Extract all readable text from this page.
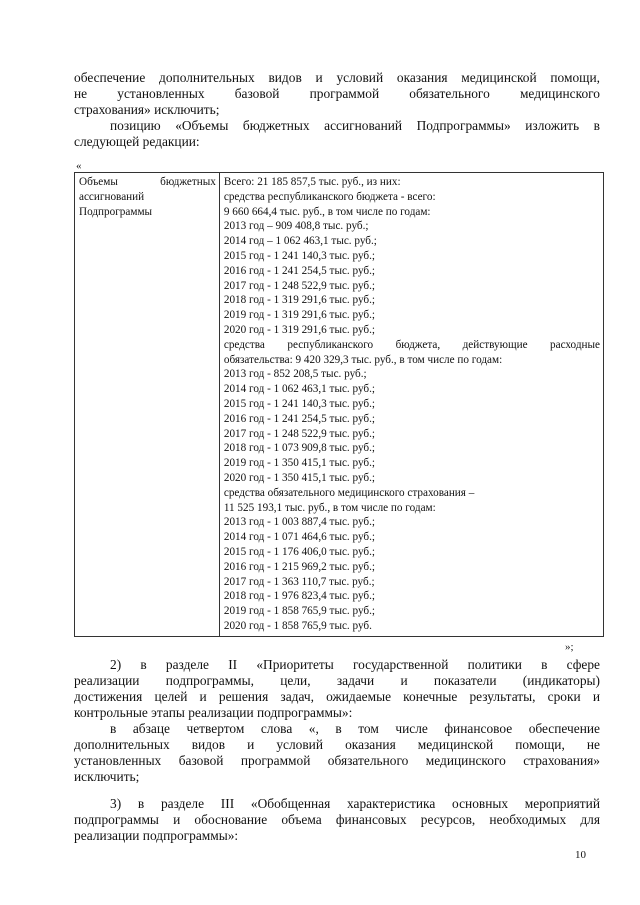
обеспечение дополнительных видов и условий оказания медицинской помощи,
не установленных базовой программой обязательного медицинского
страхования» исключить;
позицию «Объемы бюджетных ассигнований Подпрограммы» изложить в
следующей редакции:
«
Объемы бюджетных
ассигнований
Подпрограммы

Всего: 21 185 857,5 тыс. руб., из них:
средства республиканского бюджета - всего:
9 660 664,4 тыс. руб., в том числе по годам:
2013 год – 909 408,8 тыс. руб.;
2014 год – 1 062 463,1 тыс. руб.;
2015 год - 1 241 140,3 тыс. руб.;
2016 год - 1 241 254,5 тыс. руб.;
2017 год - 1 248 522,9 тыс. руб.;
2018 год - 1 319 291,6 тыс. руб.;
2019 год - 1 319 291,6 тыс. руб.;
2020 год - 1 319 291,6 тыс. руб.;
средства республиканского бюджета, действующие расходные
обязательства: 9 420 329,3 тыс. руб., в том числе по годам:
2013 год - 852 208,5 тыс. руб.;
2014 год - 1 062 463,1 тыс. руб.;
2015 год - 1 241 140,3 тыс. руб.;
2016 год - 1 241 254,5 тыс. руб.;
2017 год - 1 248 522,9 тыс. руб.;
2018 год - 1 073 909,8 тыс. руб.;
2019 год - 1 350 415,1 тыс. руб.;
2020 год - 1 350 415,1 тыс. руб.;
средства обязательного медицинского страхования –
11 525 193,1 тыс. руб., в том числе по годам:
2013 год - 1 003 887,4 тыс. руб.;
2014 год - 1 071 464,6 тыс. руб.;
2015 год - 1 176 406,0 тыс. руб.;
2016 год - 1 215 969,2 тыс. руб.;
2017 год - 1 363 110,7 тыс. руб.;
2018 год - 1 976 823,4 тыс. руб.;
2019 год - 1 858 765,9 тыс. руб.;
2020 год - 1 858 765,9 тыс. руб.
»;
2) в разделе II «Приоритеты государственной политики в сфере
реализации подпрограммы, цели, задачи и показатели (индикаторы)
достижения целей и решения задач, ожидаемые конечные результаты, сроки и
контрольные этапы реализации подпрограммы»:
в абзаце четвертом слова «, в том числе финансовое обеспечение
дополнительных видов и условий оказания медицинской помощи, не
установленных базовой программой обязательного медицинского страхования»
исключить;
3) в разделе III «Обобщенная характеристика основных мероприятий
подпрограммы и обоснование объема финансовых ресурсов, необходимых для
реализации подпрограммы»:
10
